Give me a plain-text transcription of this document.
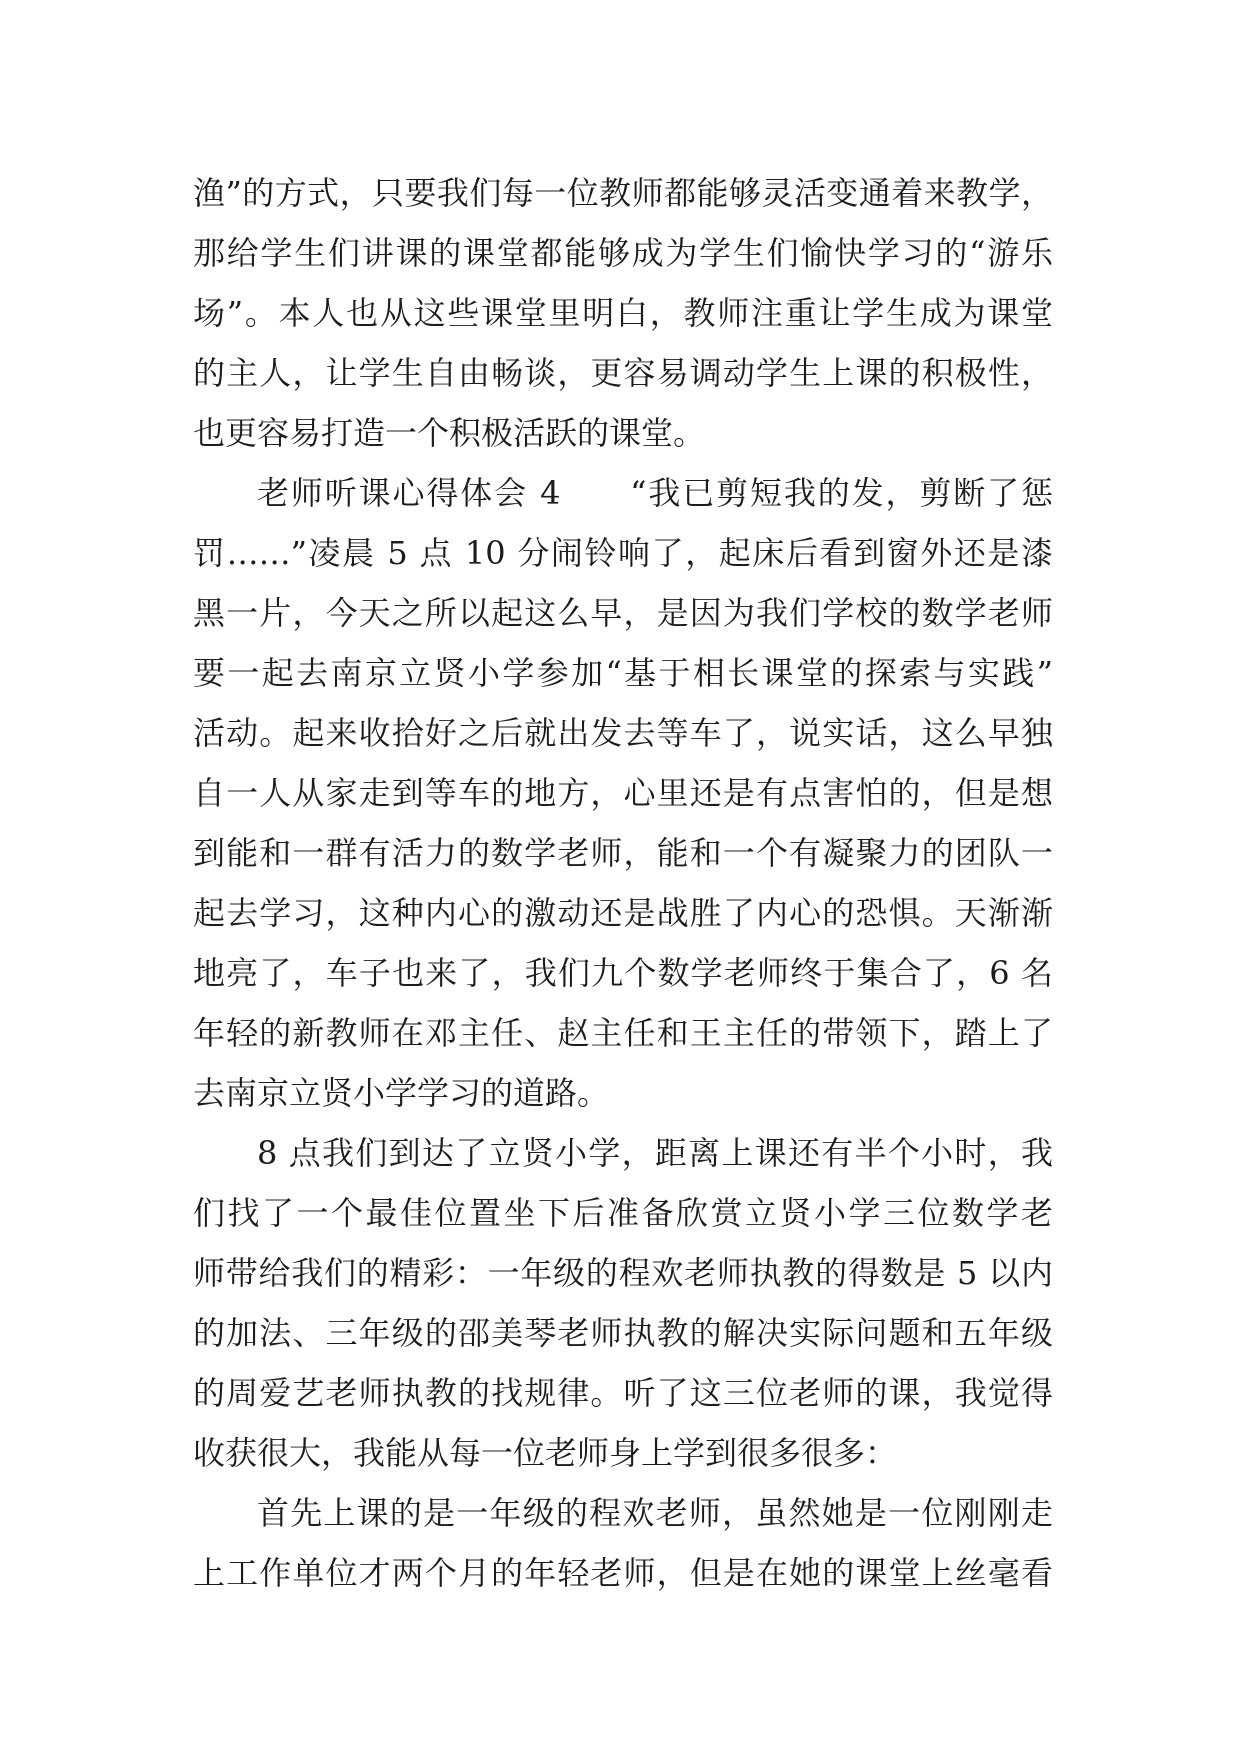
渔”的方式，只要我们每一位教师都能够灵活变通着来教学，
那给学生们讲课的课堂都能够成为学生们愉快学习的“游乐
场”。本人也从这些课堂里明白，教师注重让学生成为课堂
的主人，让学生自由畅谈，更容易调动学生上课的积极性，
也更容易打造一个积极活跃的课堂。
老师听课心得体会 4　　“我已剪短我的发，剪断了惩
罚……”凌晨 5 点 10 分闹铃响了，起床后看到窗外还是漆
黑一片，今天之所以起这么早，是因为我们学校的数学老师
要一起去南京立贤小学参加“基于相长课堂的探索与实践”
活动。起来收拾好之后就出发去等车了，说实话，这么早独
自一人从家走到等车的地方，心里还是有点害怕的，但是想
到能和一群有活力的数学老师，能和一个有凝聚力的团队一
起去学习，这种内心的激动还是战胜了内心的恐惧。天渐渐
地亮了，车子也来了，我们九个数学老师终于集合了，6 名
年轻的新教师在邓主任、赵主任和王主任的带领下，踏上了
去南京立贤小学学习的道路。
8 点我们到达了立贤小学，距离上课还有半个小时，我
们找了一个最佳位置坐下后准备欣赏立贤小学三位数学老
师带给我们的精彩：一年级的程欢老师执教的得数是 5 以内
的加法、三年级的邵美琴老师执教的解决实际问题和五年级
的周爱艺老师执教的找规律。听了这三位老师的课，我觉得
收获很大，我能从每一位老师身上学到很多很多：
首先上课的是一年级的程欢老师，虽然她是一位刚刚走
上工作单位才两个月的年轻老师，但是在她的课堂上丝毫看
